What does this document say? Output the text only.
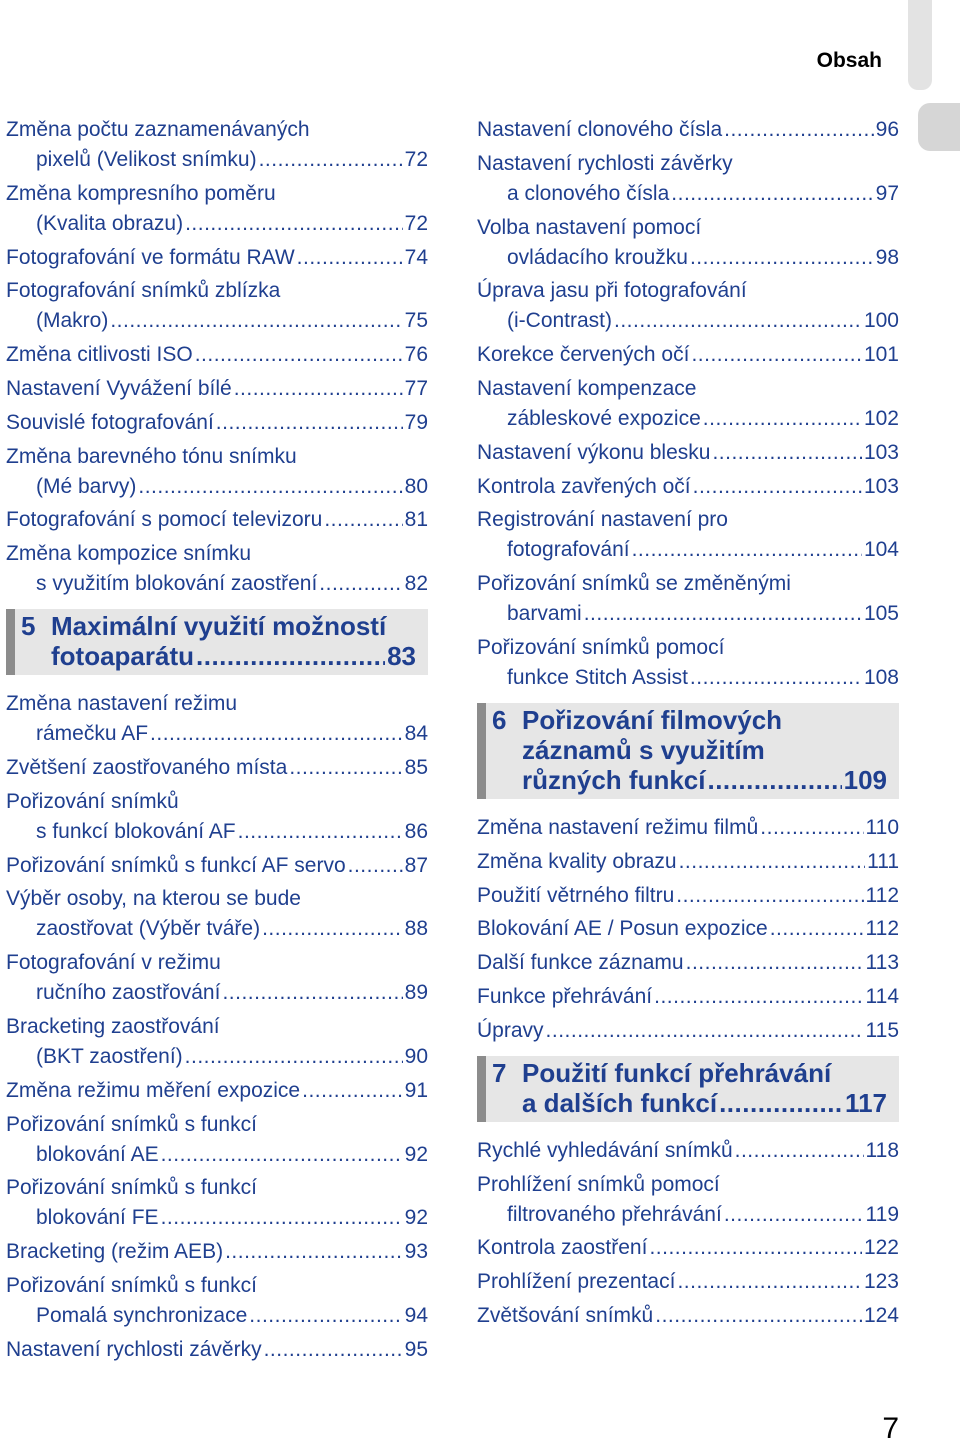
Obsah
Změna počtu zaznamenávaných
pixelů (Velikost snímku) .....	72
Změna kompresního poměru
(Kvalita obrazu) .....	72
Fotografování ve formátu RAW .....	74
Fotografování snímků zblízka
(Makro) .....	75
Změna citlivosti ISO .....	76
Nastavení Vyvážení bílé .....	77
Souvislé fotografování .....	79
Změna barevného tónu snímku
(Mé barvy) .....	80
Fotografování s pomocí televizoru .....	81
Změna kompozice snímku
s využitím blokování zaostření .....	82
5 Maximální využití možností
fotoaparátu .....	83
Změna nastavení režimu
rámečku AF .....	84
Zvětšení zaostřovaného místa .....	85
Pořizování snímků
s funkcí blokování AF .....	86
Pořizování snímků s funkcí AF servo .....	87
Výběr osoby, na kterou se bude
zaostřovat (Výběr tváře) .....	88
Fotografování v režimu
ručního zaostřování .....	89
Bracketing zaostřování
(BKT zaostření) .....	90
Změna režimu měření expozice .....	91
Pořizování snímků s funkcí
blokování AE .....	92
Pořizování snímků s funkcí
blokování FE .....	92
Bracketing (režim AEB) .....	93
Pořizování snímků s funkcí
Pomalá synchronizace .....	94
Nastavení rychlosti závěrky .....	95
Nastavení clonového čísla .....	96
Nastavení rychlosti závěrky
a clonového čísla .....	97
Volba nastavení pomocí
ovládacího kroužku .....	98
Úprava jasu při fotografování
(i-Contrast) .....	100
Korekce červených očí .....	101
Nastavení kompenzace
zábleskové expozice .....	102
Nastavení výkonu blesku .....	103
Kontrola zavřených očí .....	103
Registrování nastavení pro
fotografování .....	104
Pořizování snímků se změněnými
barvami .....	105
Pořizování snímků pomocí
funkce Stitch Assist .....	108
6 Pořizování filmových
záznamů s využitím
různých funkcí .....	109
Změna nastavení režimu filmů .....	110
Změna kvality obrazu .....	111
Použití větrného filtru .....	112
Blokování AE / Posun expozice .....	112
Další funkce záznamu .....	113
Funkce přehrávání .....	114
Úpravy .....	115
7 Použití funkcí přehrávání
a dalších funkcí .....	117
Rychlé vyhledávání snímků .....	118
Prohlížení snímků pomocí
filtrovaného přehrávání .....	119
Kontrola zaostření .....	122
Prohlížení prezentací .....	123
Zvětšování snímků .....	124
7
